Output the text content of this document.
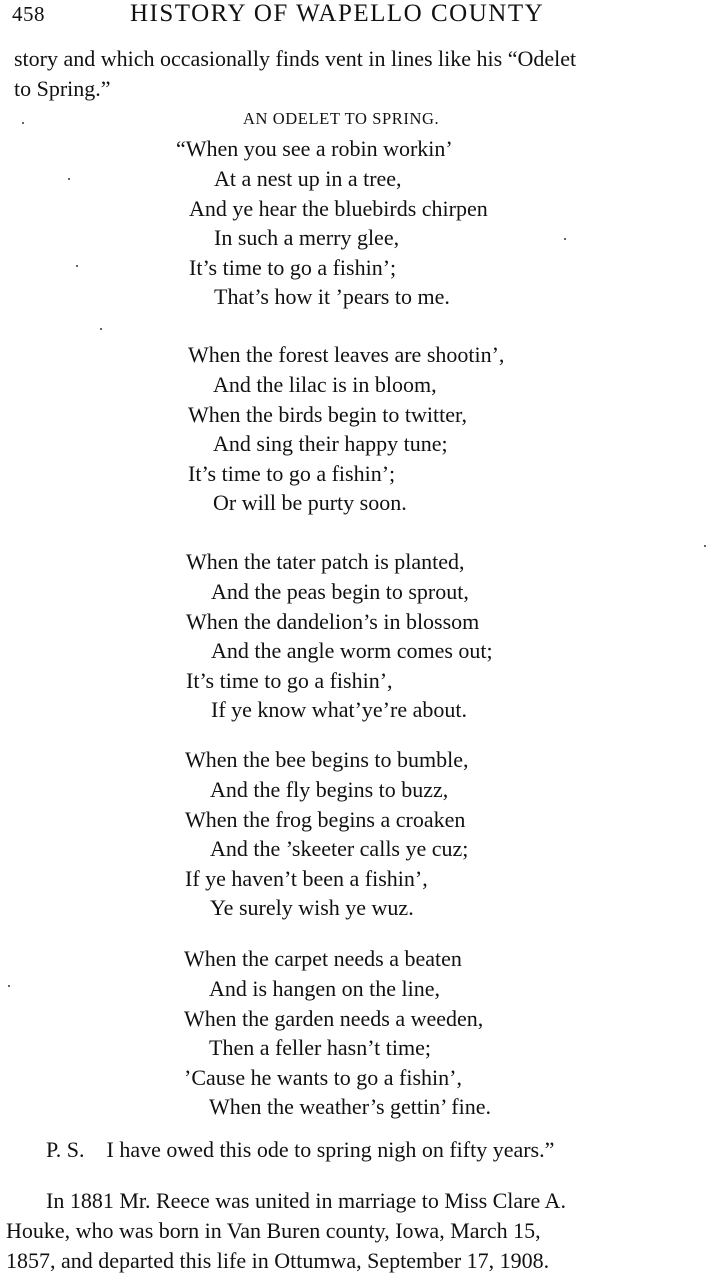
458	HISTORY OF WAPELLO COUNTY
story and which occasionally finds vent in lines like his “Odelet
to Spring.”
AN ODELET TO SPRING.
“When you see a robin workin’
At a nest up in a tree,
And ye hear the bluebirds chirpen
In such a merry glee,
It’s time to go a fishin’;
That’s how it ’pears to me.
When the forest leaves are shootin’,
And the lilac is in bloom,
When the birds begin to twitter,
And sing their happy tune;
It’s time to go a fishin’;
Or will be purty soon.
When the tater patch is planted,
And the peas begin to sprout,
When the dandelion’s in blossom
And the angle worm comes out;
It’s time to go a fishin’,
If ye know what’ye’re about.
When the bee begins to bumble,
And the fly begins to buzz,
When the frog begins a croaken
And the ’skeeter calls ye cuz;
If ye haven’t been a fishin’,
Ye surely wish ye wuz.
When the carpet needs a beaten
And is hangen on the line,
When the garden needs a weeden,
Then a feller hasn’t time;
’Cause he wants to go a fishin’,
When the weather’s gettin’ fine.
P. S. I have owed this ode to spring nigh on fifty years.”
In 1881 Mr. Reece was united in marriage to Miss Clare A.
Houke, who was born in Van Buren county, Iowa, March 15,
1857, and departed this life in Ottumwa, September 17, 1908.
